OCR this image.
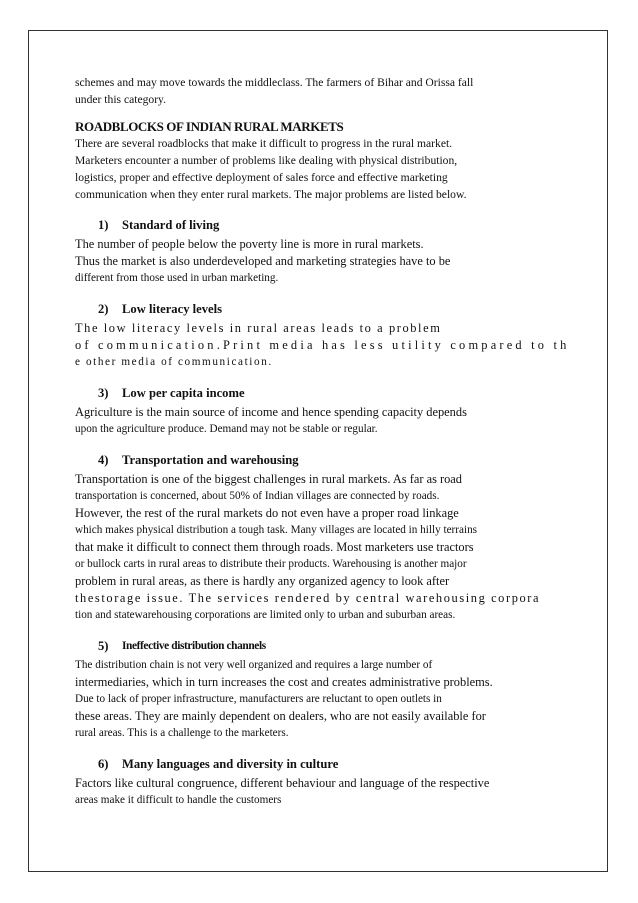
schemes and may move towards the middleclass. The farmers of Bihar and Orissa fall
under this category.

ROADBLOCKS OF INDIAN RURAL MARKETS

There are several roadblocks that make it difficult to progress in the rural market.
Marketers encounter a number of problems like dealing with physical distribution,
logistics, proper and effective deployment of sales force and effective marketing
communication when they enter rural markets. The major problems are listed below.

1) Standard of living

The number of people below the poverty line is more in rural markets.
Thus the market is also underdeveloped and marketing strategies have to be
different from those used in urban marketing.

2) Low literacy levels

The low literacy levels in rural areas leads to a problem
of communication.Print media has less utility compared to th
e other media of communication.

3) Low per capita income

Agriculture is the main source of income and hence spending capacity depends
upon the agriculture produce. Demand may not be stable or regular.

4) Transportation and warehousing

Transportation is one of the biggest challenges in rural markets. As far as road
transportation is concerned, about 50% of Indian villages are connected by roads.
However, the rest of the rural markets do not even have a proper road linkage
which makes physical distribution a tough task. Many villages are located in hilly terrains
that make it difficult to connect them through roads. Most marketers use tractors
or bullock carts in rural areas to distribute their products. Warehousing is another major
problem in rural areas, as there is hardly any organized agency to look after
thestorage issue. The services rendered by central warehousing corpora
tion and statewarehousing corporations are limited only to urban and suburban areas.

5)	Ineffective distribution channels

The distribution chain is not very well organized and requires a large number of
intermediaries, which in turn increases the cost and creates administrative problems.
Due to lack of proper infrastructure, manufacturers are reluctant to open outlets in
these areas. They are mainly dependent on dealers, who are not easily available for
rural areas. This is a challenge to the marketers.

6) Many languages and diversity in culture

Factors like cultural congruence, different behaviour and language of the respective
areas make it difficult to handle the customers
